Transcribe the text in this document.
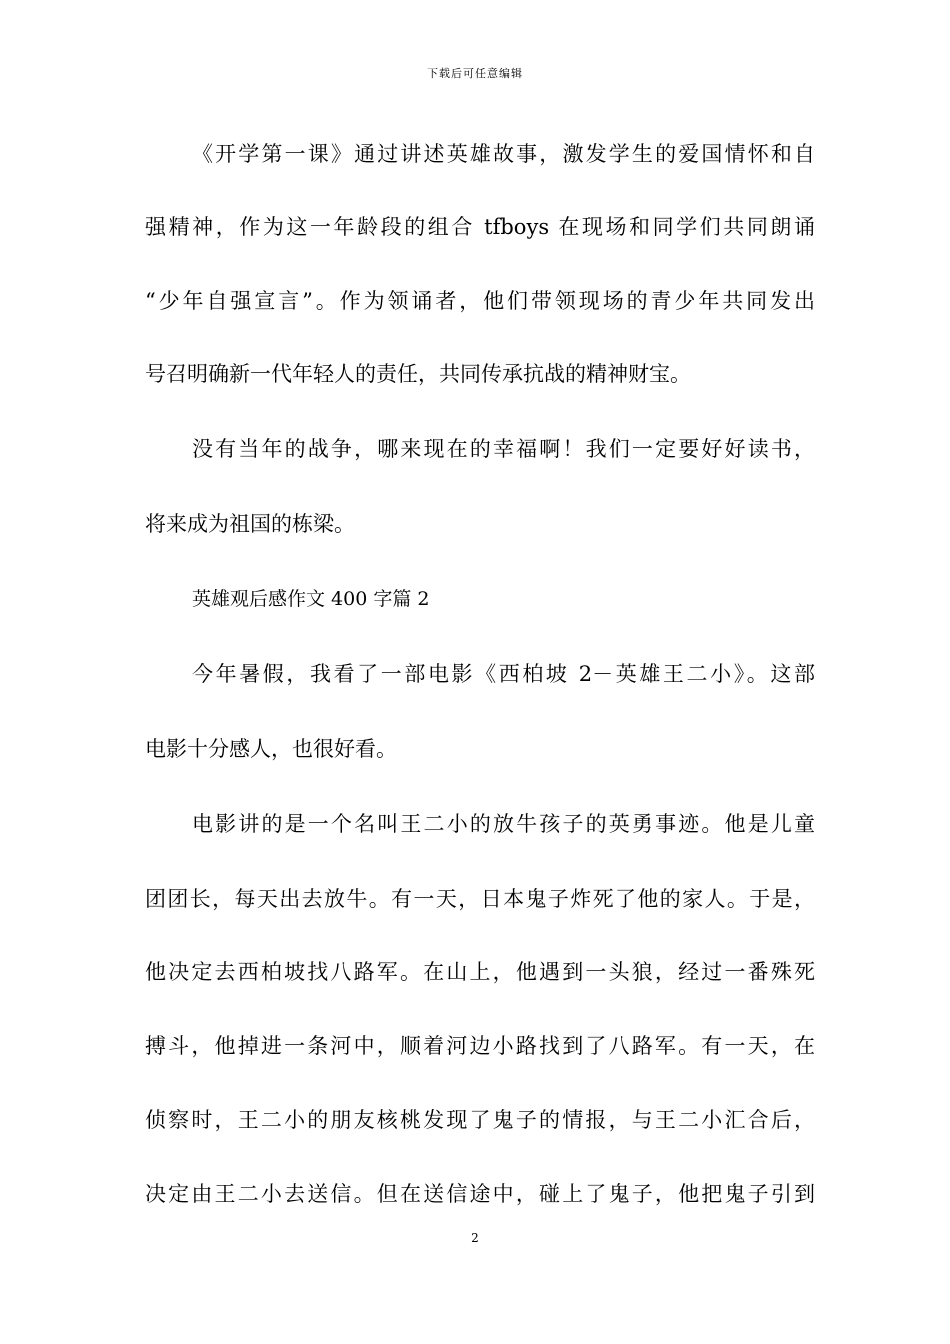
下载后可任意编辑
《开学第一课》通过讲述英雄故事，激发学生的爱国情怀和自
强精神，作为这一年龄段的组合 tfboys 在现场和同学们共同朗诵
“少年自强宣言”。作为领诵者，他们带领现场的青少年共同发出
号召明确新一代年轻人的责任，共同传承抗战的精神财宝。
没有当年的战争，哪来现在的幸福啊！我们一定要好好读书，
将来成为祖国的栋梁。
英雄观后感作文 400 字篇 2
今年暑假，我看了一部电影《西柏坡 2－英雄王二小》。这部
电影十分感人，也很好看。
电影讲的是一个名叫王二小的放牛孩子的英勇事迹。他是儿童
团团长，每天出去放牛。有一天，日本鬼子炸死了他的家人。于是，
他决定去西柏坡找八路军。在山上，他遇到一头狼，经过一番殊死
搏斗，他掉进一条河中，顺着河边小路找到了八路军。有一天，在
侦察时，王二小的朋友核桃发现了鬼子的情报，与王二小汇合后，
决定由王二小去送信。但在送信途中，碰上了鬼子，他把鬼子引到
2
